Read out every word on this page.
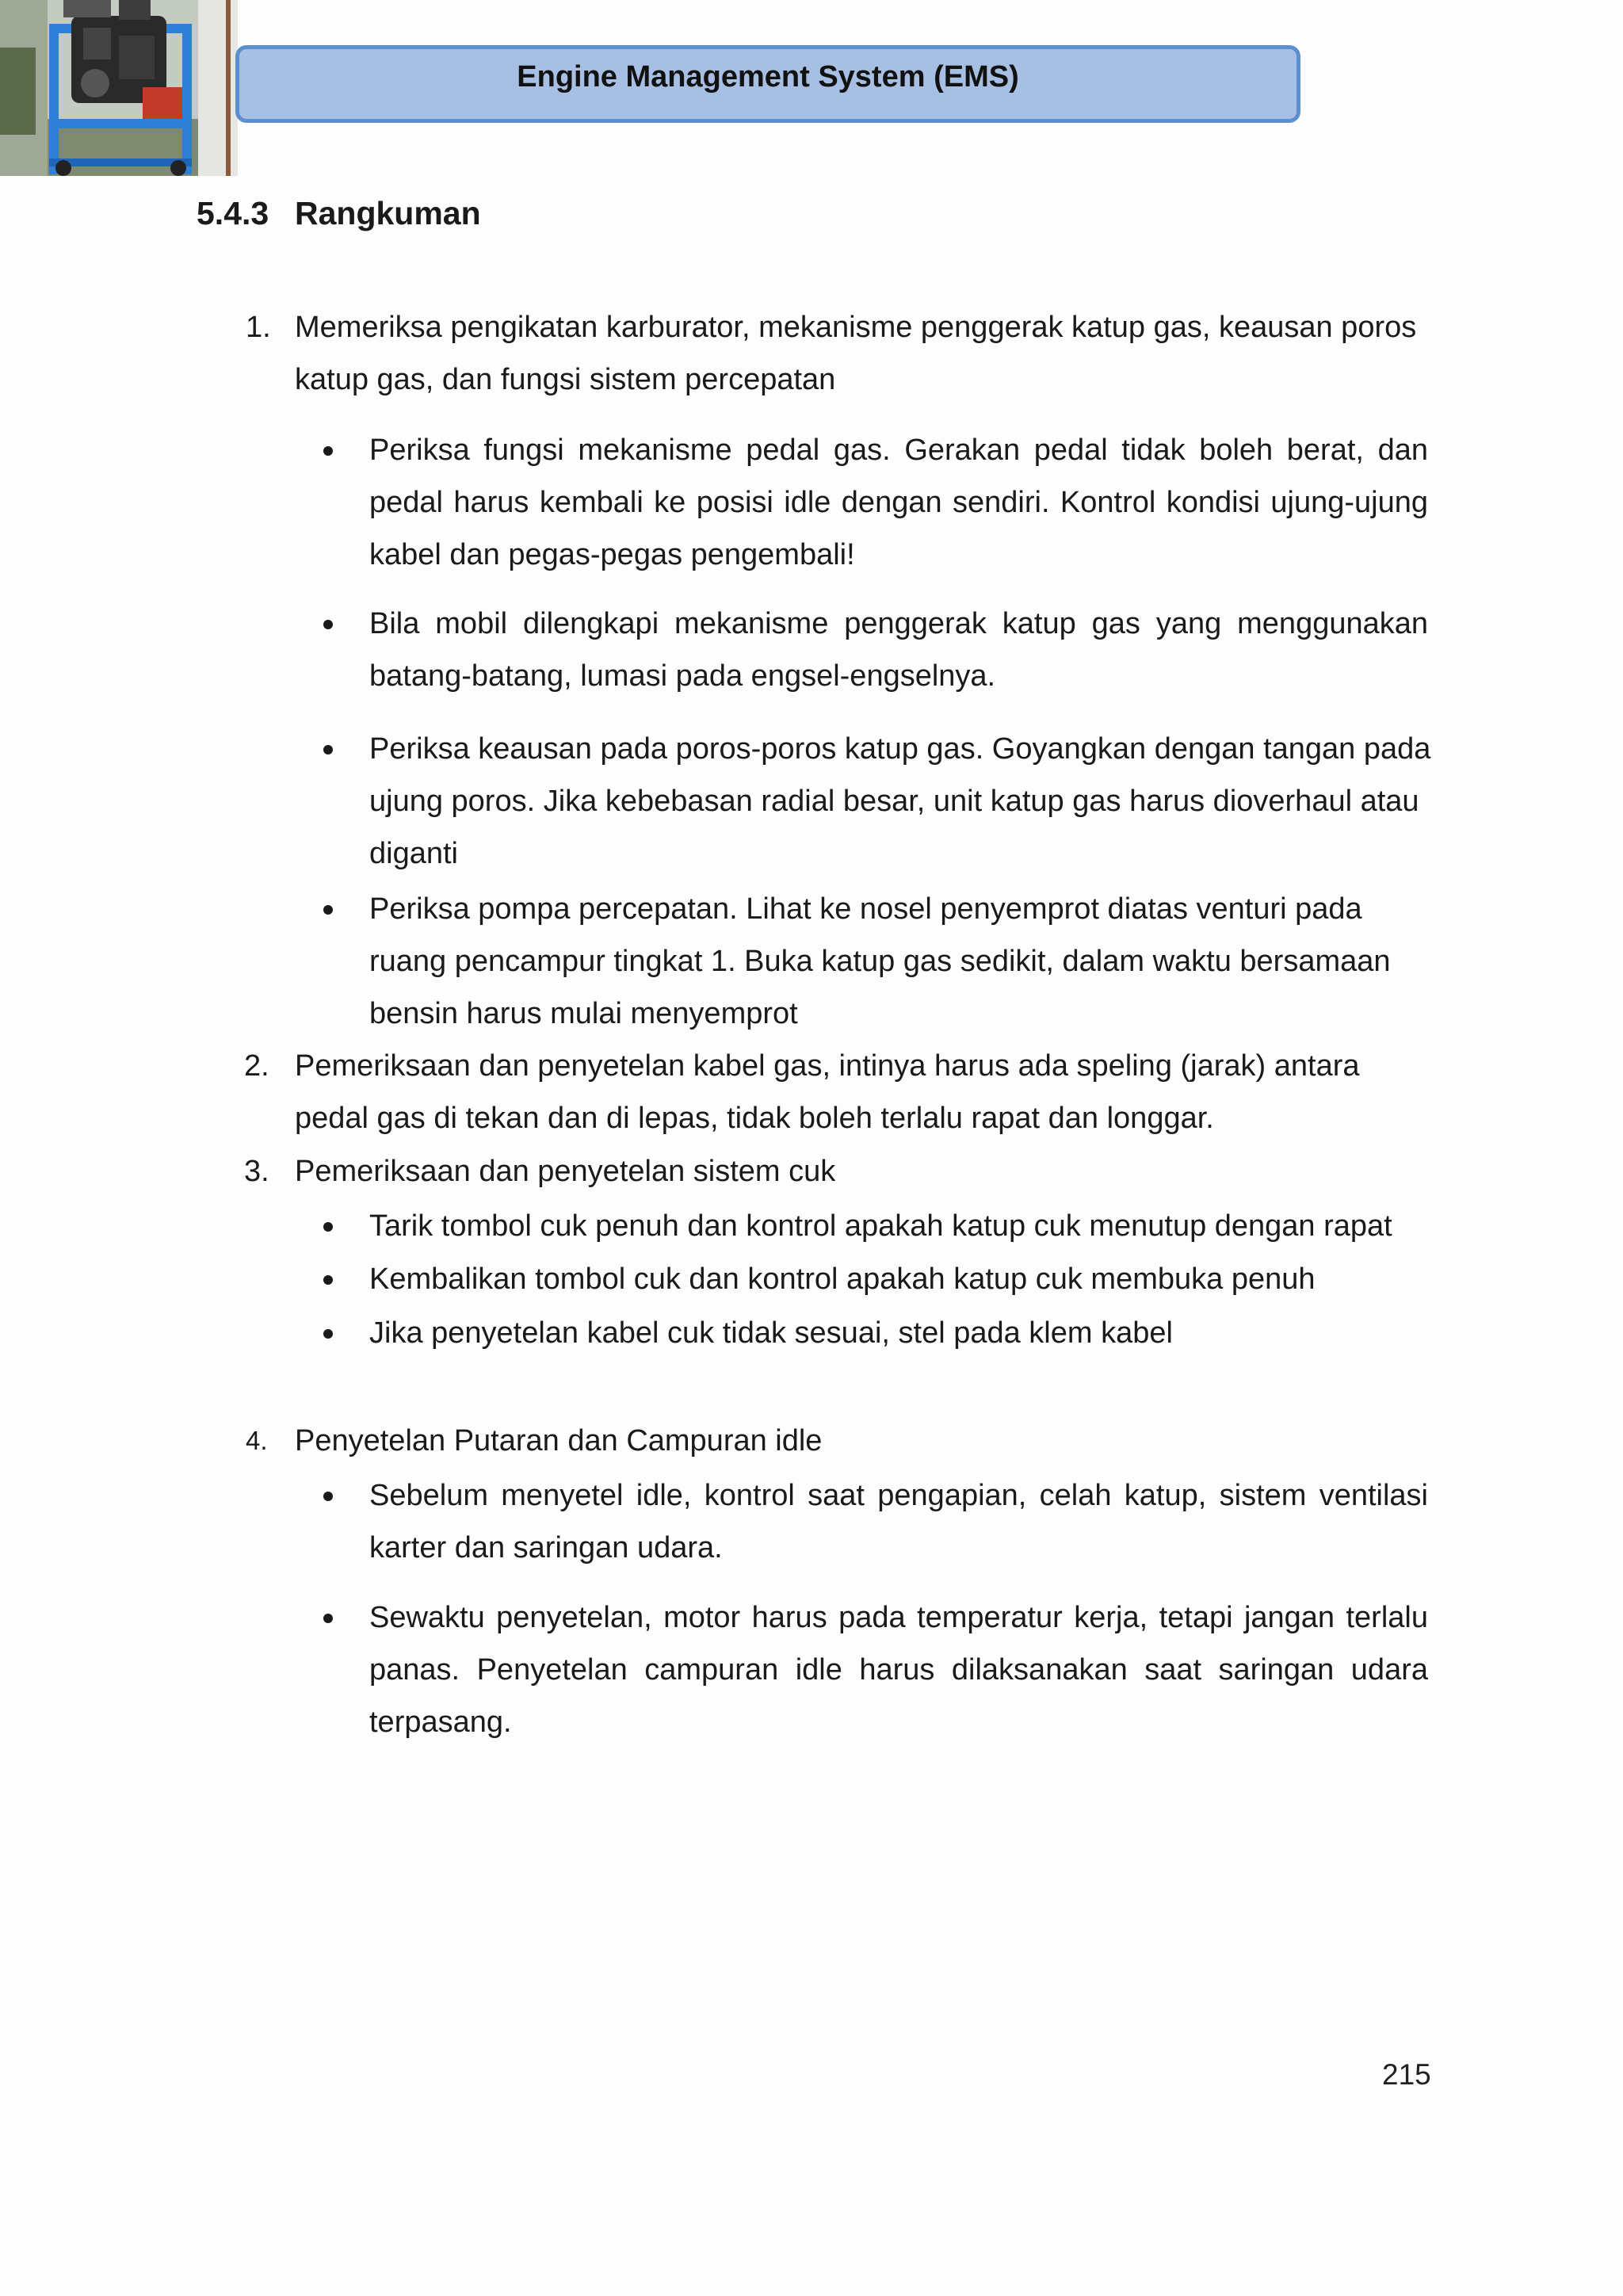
Engine Management System (EMS)
5.4.3 Rangkuman
1. Memeriksa pengikatan karburator, mekanisme penggerak katup gas, keausan poros
katup gas, dan fungsi sistem percepatan
Periksa fungsi mekanisme pedal gas. Gerakan pedal tidak boleh berat, dan
pedal harus kembali ke posisi idle dengan sendiri. Kontrol kondisi ujung-ujung
kabel dan pegas-pegas pengembali!
Bila mobil dilengkapi mekanisme penggerak katup gas yang menggunakan
batang-batang, lumasi pada engsel-engselnya.
Periksa keausan pada poros-poros katup gas. Goyangkan dengan tangan pada
ujung poros. Jika kebebasan radial besar, unit katup gas harus dioverhaul atau
diganti
Periksa pompa percepatan. Lihat ke nosel penyemprot diatas venturi pada
ruang pencampur tingkat 1. Buka katup gas sedikit, dalam waktu bersamaan
bensin harus mulai menyemprot
2. Pemeriksaan dan penyetelan kabel gas, intinya harus ada speling (jarak) antara
pedal gas di tekan dan di lepas, tidak boleh terlalu rapat dan longgar.
3. Pemeriksaan dan penyetelan sistem cuk
Tarik tombol cuk penuh dan kontrol apakah katup cuk menutup dengan rapat
Kembalikan tombol cuk dan kontrol apakah katup cuk membuka penuh
Jika penyetelan kabel cuk tidak sesuai, stel pada klem kabel
4. Penyetelan Putaran dan Campuran idle
Sebelum menyetel idle, kontrol saat pengapian, celah katup, sistem ventilasi
karter dan saringan udara.
Sewaktu penyetelan, motor harus pada temperatur kerja, tetapi jangan terlalu
panas. Penyetelan campuran idle harus dilaksanakan saat saringan udara
terpasang.
215
